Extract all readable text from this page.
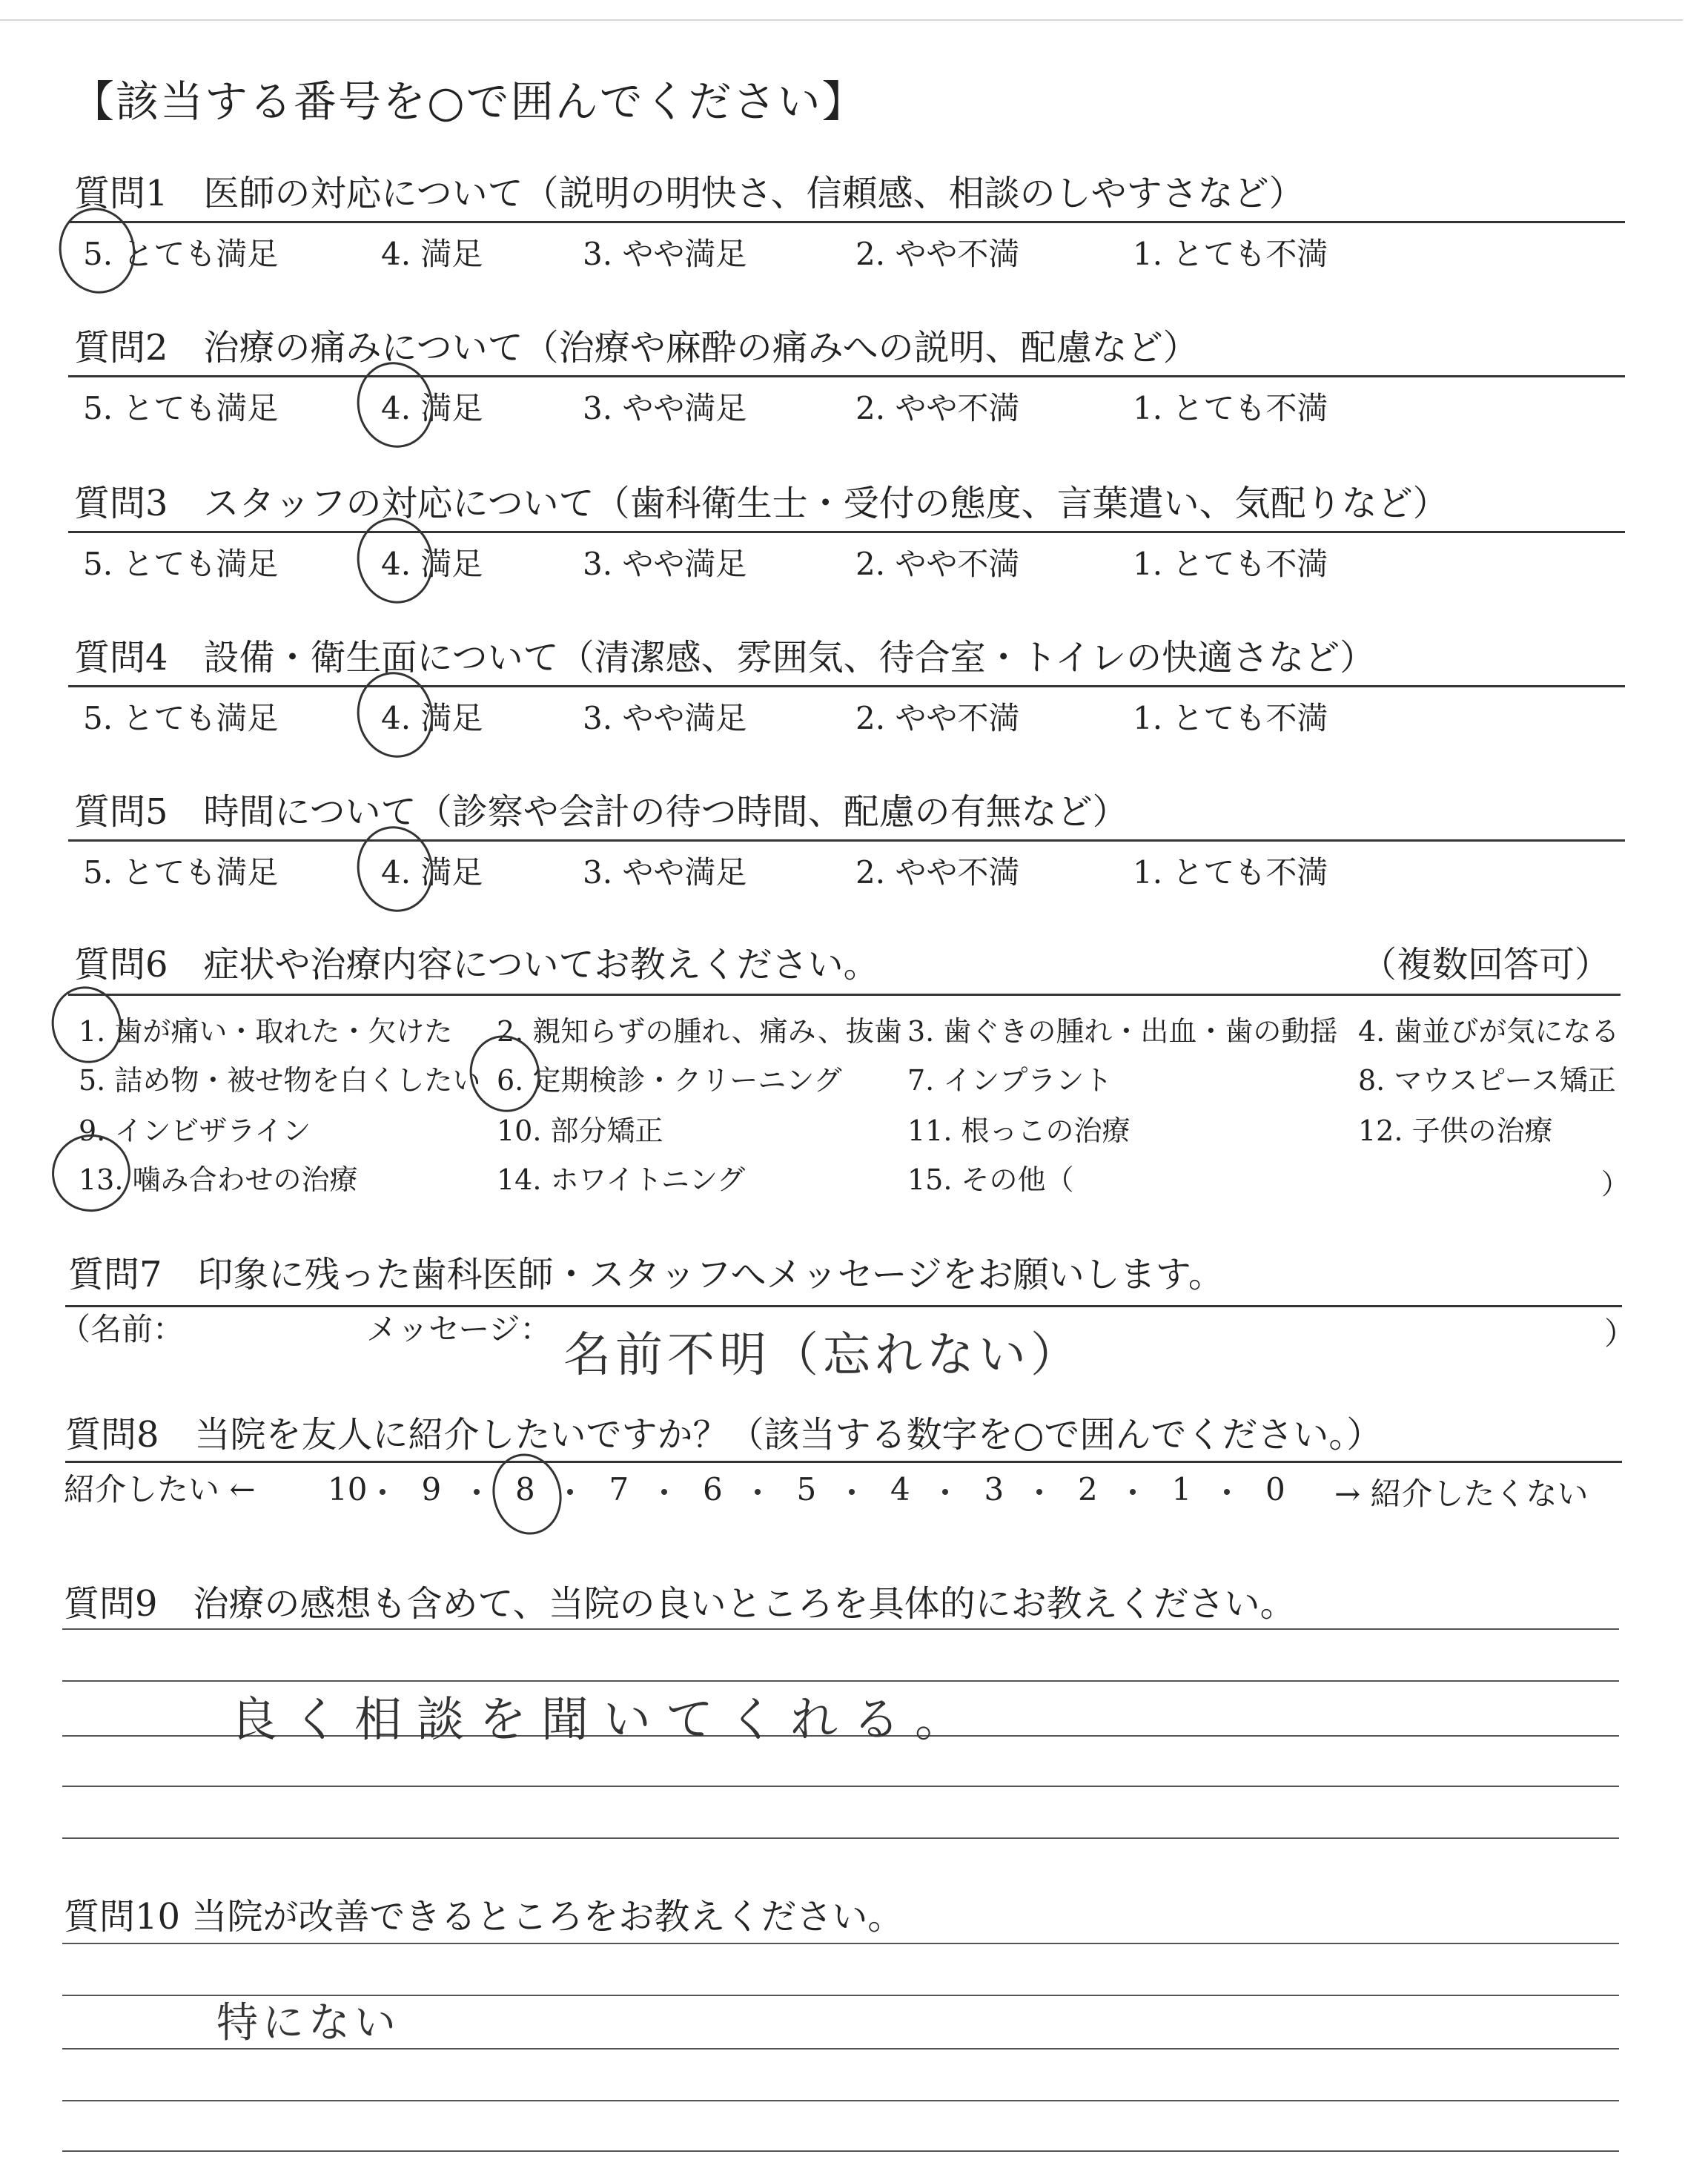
【該当する番号を○で囲んでください】
質問1　医師の対応について（説明の明快さ、信頼感、相談のしやすさなど）
5. とても満足	4. 満足	3. やや満足	2. やや不満	1. とても不満
質問2　治療の痛みについて（治療や麻酔の痛みへの説明、配慮など）
5. とても満足	4. 満足	3. やや満足	2. やや不満	1. とても不満
質問3　スタッフの対応について（歯科衛生士・受付の態度、言葉遣い、気配りなど）
5. とても満足	4. 満足	3. やや満足	2. やや不満	1. とても不満
質問4　設備・衛生面について（清潔感、雰囲気、待合室・トイレの快適さなど）
5. とても満足	4. 満足	3. やや満足	2. やや不満	1. とても不満
質問5　時間について（診察や会計の待つ時間、配慮の有無など）
5. とても満足	4. 満足	3. やや満足	2. やや不満	1. とても不満
質問6　症状や治療内容についてお教えください。	（複数回答可）
1. 歯が痛い・取れた・欠けた 2. 親知らずの腫れ、痛み、抜歯 3. 歯ぐきの腫れ・出血・歯の動揺 4. 歯並びが気になる
5. 詰め物・被せ物を白くしたい 6. 定期検診・クリーニング 7. インプラント	8. マウスピース矯正
9. インビザライン	10. 部分矯正	11. 根っこの治療	12. 子供の治療
13. 噛み合わせの治療	14. ホワイトニング	15. その他（	）
質問7　印象に残った歯科医師・スタッフへメッセージをお願いします。
（名前：	メッセージ：	）
名前不明（忘れない）
質問8　当院を友人に紹介したいですか？（該当する数字を○で囲んでください。）
紹介したい ← 10 9 8 7 6 5 4 3 2 1 0 → 紹介したくない
質問9　治療の感想も含めて、当院の良いところを具体的にお教えください。
良く相談を聞いてくれる。
質問10 当院が改善できるところをお教えください。
特にない
